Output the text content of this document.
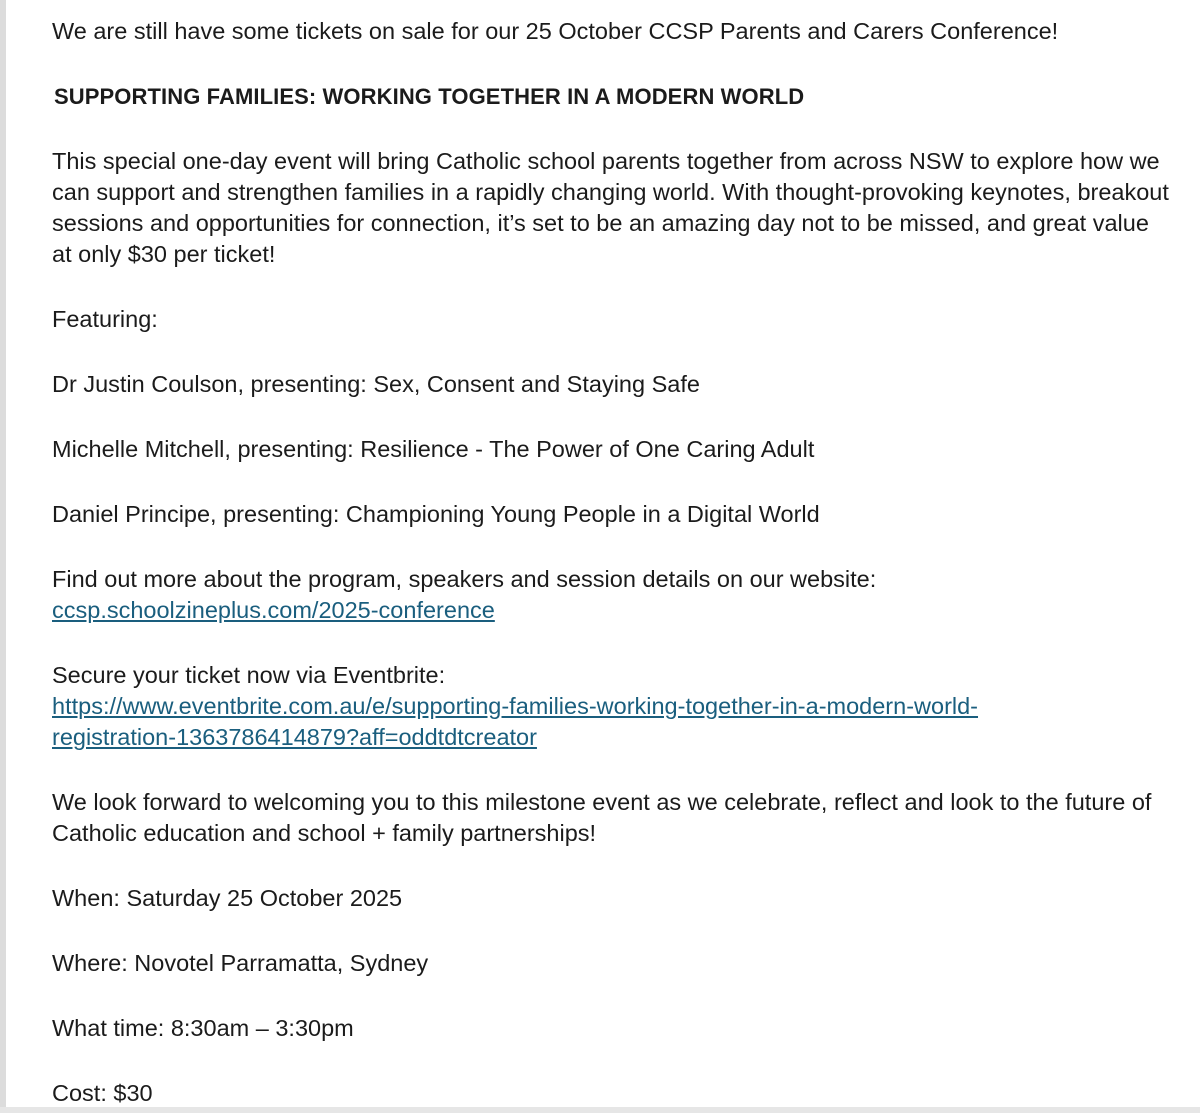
We are still have some tickets on sale for our 25 October CCSP Parents and Carers Conference!

SUPPORTING FAMILIES: WORKING TOGETHER IN A MODERN WORLD

This special one-day event will bring Catholic school parents together from across NSW to explore how we can support and strengthen families in a rapidly changing world. With thought-provoking keynotes, breakout sessions and opportunities for connection, it’s set to be an amazing day not to be missed, and great value at only $30 per ticket!

Featuring:

Dr Justin Coulson, presenting: Sex, Consent and Staying Safe

Michelle Mitchell, presenting: Resilience - The Power of One Caring Adult

Daniel Principe, presenting: Championing Young People in a Digital World

Find out more about the program, speakers and session details on our website:
ccsp.schoolzineplus.com/2025-conference

Secure your ticket now via Eventbrite:
https://www.eventbrite.com.au/e/supporting-families-working-together-in-a-modern-world-
registration-1363786414879?aff=oddtdtcreator

We look forward to welcoming you to this milestone event as we celebrate, reflect and look to the future of Catholic education and school + family partnerships!

When: Saturday 25 October 2025

Where: Novotel Parramatta, Sydney

What time: 8:30am – 3:30pm

Cost: $30
